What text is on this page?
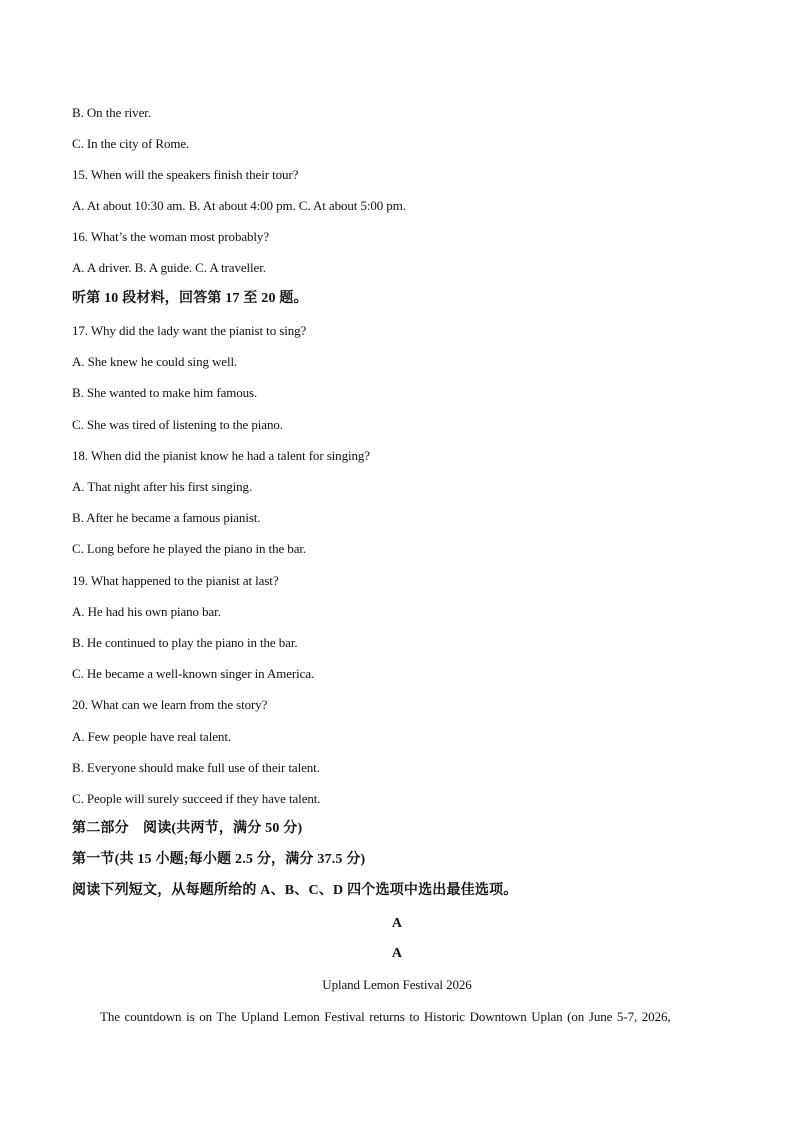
B. On the river.
C. In the city of Rome.
15. When will the speakers finish their tour?
A. At about 10:30 am. B. At about 4:00 pm. C. At about 5:00 pm.
16. What’s the woman most probably?
A. A driver. B. A guide. C. A traveller.
听第 10 段材料，回答第 17 至 20 题。
17. Why did the lady want the pianist to sing?
A. She knew he could sing well.
B. She wanted to make him famous.
C. She was tired of listening to the piano.
18. When did the pianist know he had a talent for singing?
A. That night after his first singing.
B. After he became a famous pianist.
C. Long before he played the piano in the bar.
19. What happened to the pianist at last?
A. He had his own piano bar.
B. He continued to play the piano in the bar.
C. He became a well-known singer in America.
20. What can we learn from the story?
A. Few people have real talent.
B. Everyone should make full use of their talent.
C. People will surely succeed if they have talent.
第二部分　阅读(共两节，满分 50 分)
第一节(共 15 小题;每小题 2.5 分，满分 37.5 分)
阅读下列短文，从每题所给的 A、B、C、D 四个选项中选出最佳选项。
A
A
Upland Lemon Festival 2026
The countdown is on The Upland Lemon Festival returns to Historic Downtown Uplan (on June 5-7, 2026,
